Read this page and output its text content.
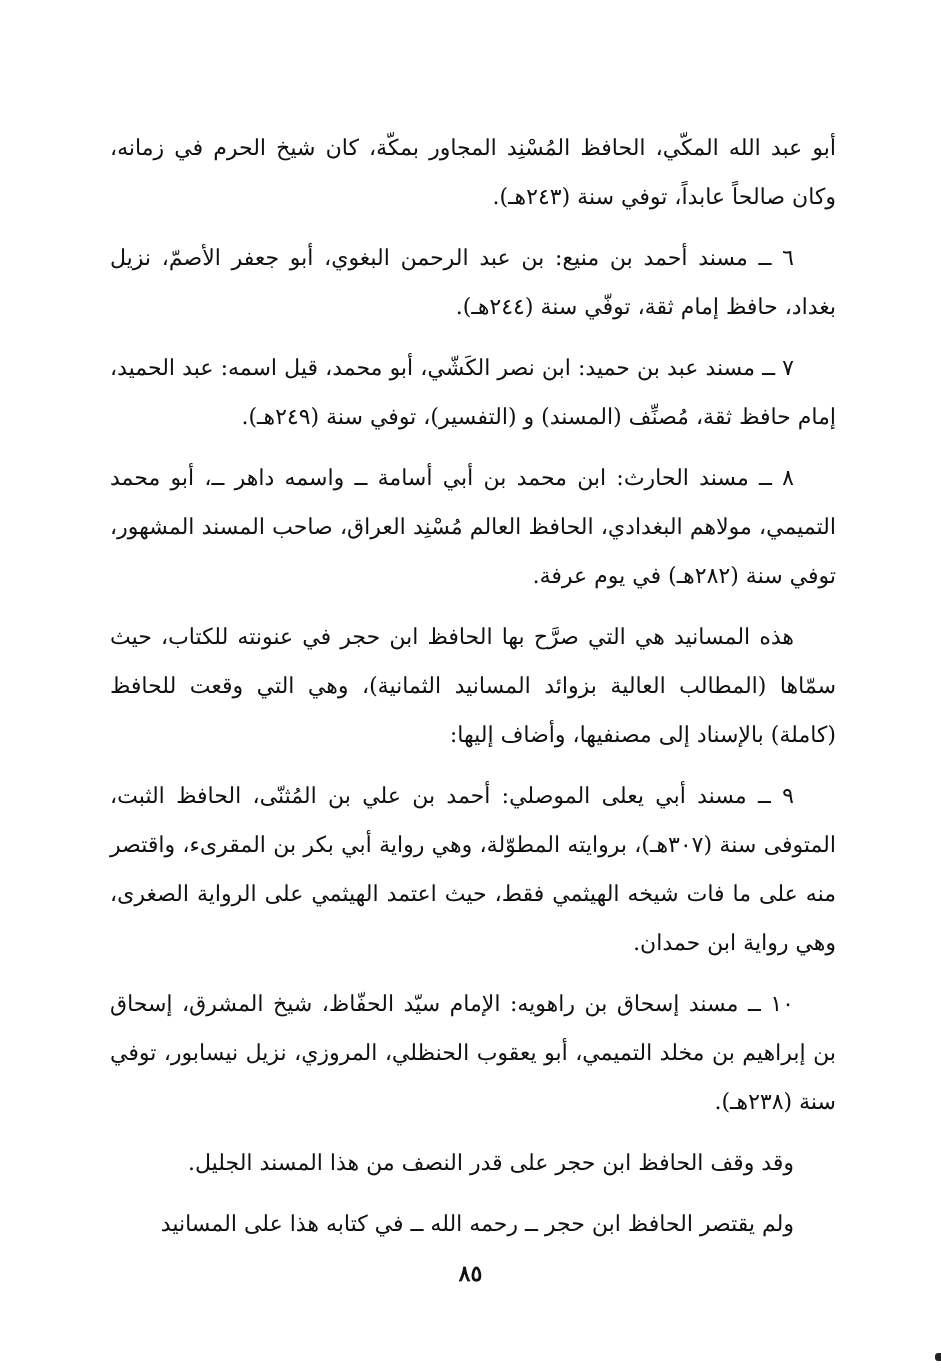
أبو عبد الله المكّي، الحافظ المُسْنِد المجاور بمكّة، كان شيخ الحرم في زمانه، وكان صالحاً عابداً، توفي سنة (٢٤٣هـ).

٦ ــ مسند أحمد بن منيع: بن عبد الرحمن البغوي، أبو جعفر الأصمّ، نزيل بغداد، حافظ إمام ثقة، توفّي سنة (٢٤٤هـ).

٧ ــ مسند عبد بن حميد: ابن نصر الكَشّي، أبو محمد، قيل اسمه: عبد الحميد، إمام حافظ ثقة، مُصنِّف (المسند) و (التفسير)، توفي سنة (٢٤٩هـ).

٨ ــ مسند الحارث: ابن محمد بن أبي أسامة ــ واسمه داهر ــ، أبو محمد التميمي، مولاهم البغدادي، الحافظ العالم مُسْنِد العراق، صاحب المسند المشهور، توفي سنة (٢٨٢هـ) في يوم عرفة.

هذه المسانيد هي التي صرَّح بها الحافظ ابن حجر في عنونته للكتاب، حيث سمّاها (المطالب العالية بزوائد المسانيد الثمانية)، وهي التي وقعت للحافظ (كاملة) بالإسناد إلى مصنفيها، وأضاف إليها:

٩ ــ مسند أبي يعلى الموصلي: أحمد بن علي بن المُثنّى، الحافظ الثبت، المتوفى سنة (٣٠٧هـ)، بروايته المطوّلة، وهي رواية أبي بكر بن المقرىء، واقتصر منه على ما فات شيخه الهيثمي فقط، حيث اعتمد الهيثمي على الرواية الصغرى، وهي رواية ابن حمدان.

١٠ ــ مسند إسحاق بن راهويه: الإمام سيّد الحفّاظ، شيخ المشرق، إسحاق بن إبراهيم بن مخلد التميمي، أبو يعقوب الحنظلي، المروزي، نزيل نيسابور، توفي سنة (٢٣٨هـ).

وقد وقف الحافظ ابن حجر على قدر النصف من هذا المسند الجليل.

ولم يقتصر الحافظ ابن حجر ــ رحمه الله ــ في كتابه هذا على المسانيد

٨٥
